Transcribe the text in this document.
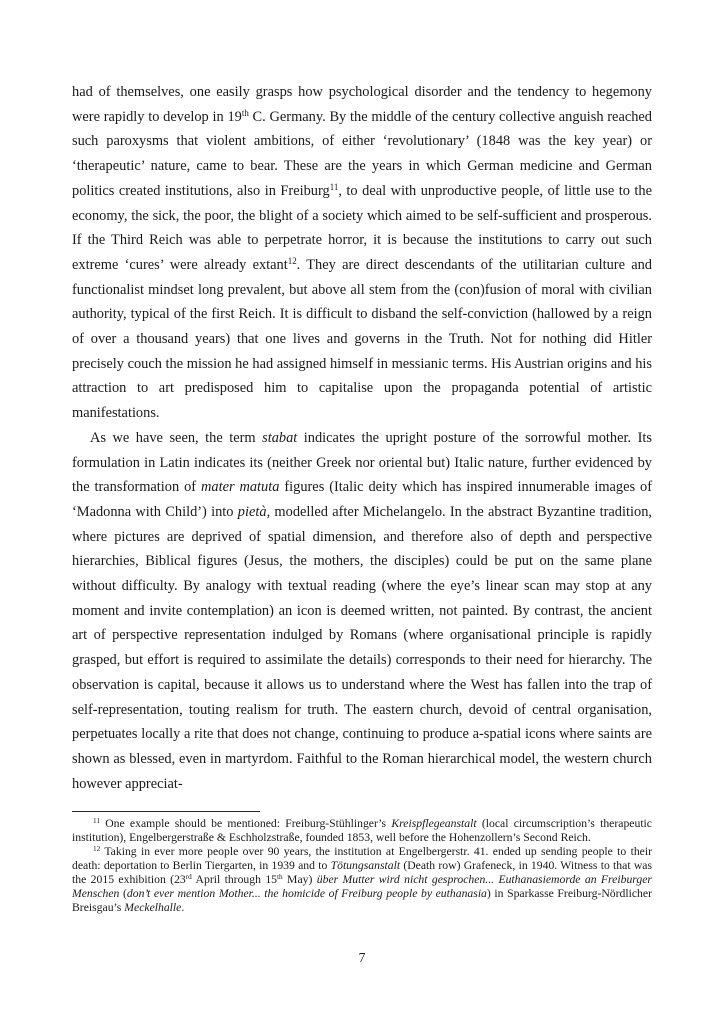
had of themselves, one easily grasps how psychological disorder and the tendency to hegemony were rapidly to develop in 19th C. Germany. By the middle of the century collective anguish reached such paroxysms that violent ambitions, of either ‘revolutionary’ (1848 was the key year) or ‘therapeutic’ nature, came to bear. These are the years in which German medicine and German politics created institutions, also in Freiburg$^{11}$, to deal with unproductive people, of little use to the economy, the sick, the poor, the blight of a society which aimed to be self-sufficient and prosperous. If the Third Reich was able to perpetrate horror, it is because the institutions to carry out such extreme ‘cures’ were already extant$^{12}$. They are direct descendants of the utilitarian culture and functionalist mindset long prevalent, but above all stem from the (con)fusion of moral with civilian authority, typical of the first Reich. It is difficult to disband the self-conviction (hallowed by a reign of over a thousand years) that one lives and governs in the Truth. Not for nothing did Hitler precisely couch the mission he had assigned himself in messianic terms. His Austrian origins and his attraction to art predisposed him to capitalise upon the propaganda potential of artistic manifestations.

As we have seen, the term stabat indicates the upright posture of the sorrowful mother. Its formulation in Latin indicates its (neither Greek nor oriental but) Italic nature, further evidenced by the transformation of mater matuta figures (Italic deity which has inspired innumerable images of ‘Madonna with Child’) into pietà, modelled after Michelangelo. In the abstract Byzantine tradition, where pictures are deprived of spatial dimension, and therefore also of depth and perspective hierarchies, Biblical figures (Jesus, the mothers, the disciples) could be put on the same plane without difficulty. By analogy with textual reading (where the eye’s linear scan may stop at any moment and invite contemplation) an icon is deemed written, not painted. By contrast, the ancient art of perspective representation indulged by Romans (where organisational principle is rapidly grasped, but effort is required to assimilate the details) corresponds to their need for hierarchy. The observation is capital, because it allows us to understand where the West has fallen into the trap of self-representation, touting realism for truth. The eastern church, devoid of central organisation, perpetuates locally a rite that does not change, continuing to produce a-spatial icons where saints are shown as blessed, even in martyrdom. Faithful to the Roman hierarchical model, the western church however appreciat-

$^{11}$ One example should be mentioned: Freiburg-Stühlinger’s Kreispflegeanstalt (local circumscription’s therapeutic institution), Engelbergerstraße & Eschholzstraße, founded 1853, well before the Hohenzollern’s Second Reich.

$^{12}$ Taking in ever more people over 90 years, the institution at Engelbergerstr. 41. ended up sending people to their death: deportation to Berlin Tiergarten, in 1939 and to Tötungsanstalt (Death row) Grafeneck, in 1940. Witness to that was the 2015 exhibition (23rd April through 15th May) über Mutter wird nicht gesprochen... Euthanasiemorde an Freiburger Menschen (don’t ever mention Mother... the homicide of Freiburg people by euthanasia) in Sparkasse Freiburg-Nördlicher Breisgau’s Meckelhalle.

7
